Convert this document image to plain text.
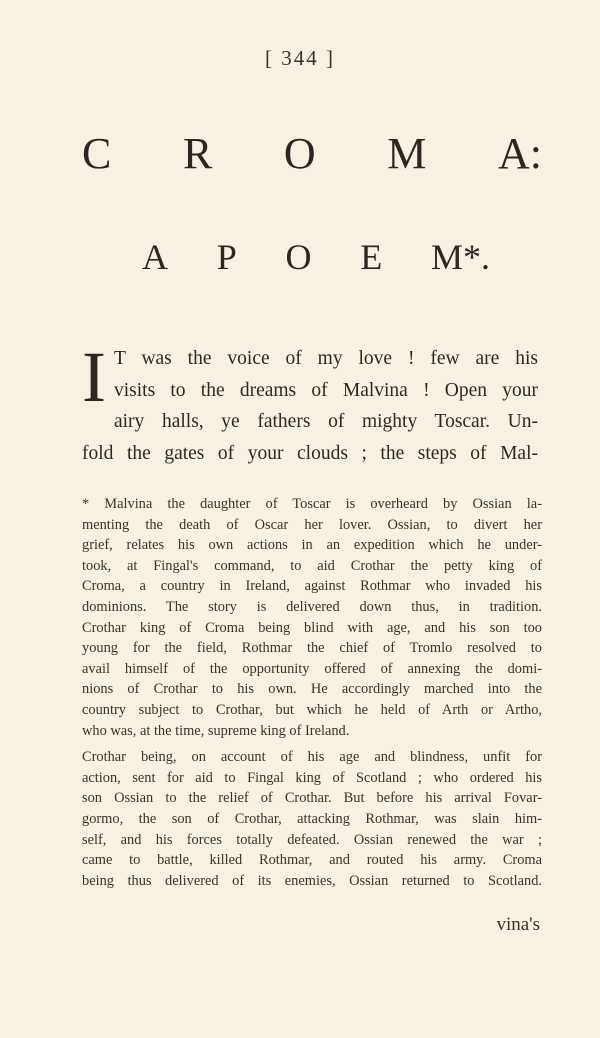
[ 344 ]
C R O M A:
A P O E M*.
I T was the voice of my love ! few are his
visits to the dreams of Malvina ! Open your
airy halls, ye fathers of mighty Toscar. Un-
fold the gates of your clouds ; the steps of Mal-
* Malvina the daughter of Toscar is overheard by Ossian la-
menting the death of Oscar her lover. Ossian, to divert her
grief, relates his own actions in an expedition which he under-
took, at Fingal's command, to aid Crothar the petty king of
Croma, a country in Ireland, against Rothmar who invaded his
dominions. The story is delivered down thus, in tradition.
Crothar king of Croma being blind with age, and his son too
young for the field, Rothmar the chief of Tromlo resolved to
avail himself of the opportunity offered of annexing the domi-
nions of Crothar to his own. He accordingly marched into the
country subject to Crothar, but which he held of Arth or Artho,
who was, at the time, supreme king of Ireland.
Crothar being, on account of his age and blindness, unfit for
action, sent for aid to Fingal king of Scotland ; who ordered his
son Ossian to the relief of Crothar. But before his arrival Fovar-
gormo, the son of Crothar, attacking Rothmar, was slain him-
self, and his forces totally defeated. Ossian renewed the war ;
came to battle, killed Rothmar, and routed his army. Croma
being thus delivered of its enemies, Ossian returned to Scotland.
vina's
